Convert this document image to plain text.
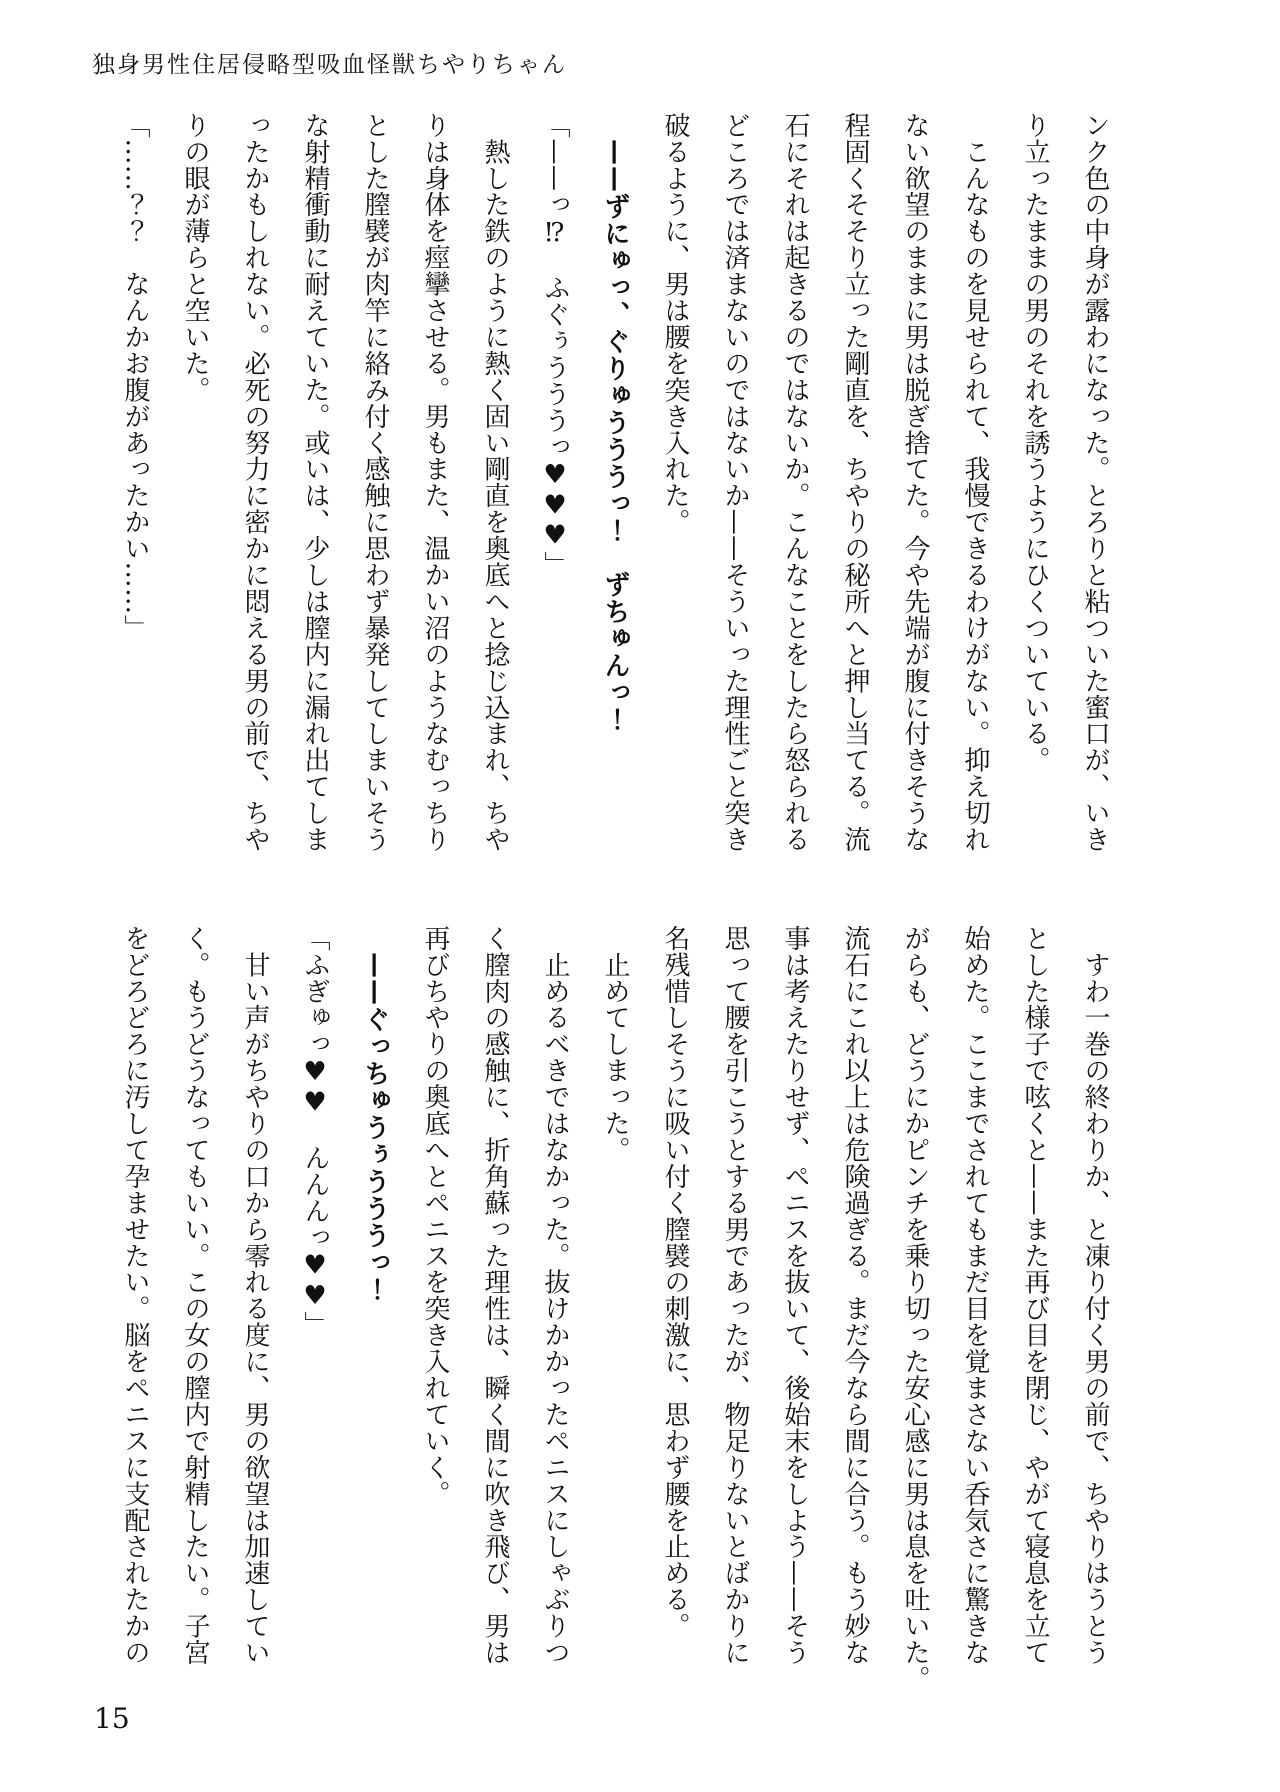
独身男性住居侵略型吸血怪獣ちやりちゃん

ンク色の中身が露わになった。とろりと粘ついた蜜口が、いき

り立ったままの男のそれを誘うようにひくついている。

　こんなものを見せられて、我慢できるわけがない。抑え切れ

ない欲望のままに男は脱ぎ捨てた。今や先端が腹に付きそうな

程固くそそり立った剛直を、ちやりの秘所へと押し当てる。流

石にそれは起きるのではないか。こんなことをしたら怒られる

どころでは済まないのではないか——そういった理性ごと突き

破るように、男は腰を突き入れた。

　——ずにゅっ、ぐりゅうううっ！　ずちゅんっ！

「——っ⁉　ふぐぅうううっ♥♥♥」

　熱した鉄のように熱く固い剛直を奥底へと捻じ込まれ、ちや

りは身体を痙攣させる。男もまた、温かい沼のようなむっちり

とした膣襞が肉竿に絡み付く感触に思わず暴発してしまいそう

な射精衝動に耐えていた。或いは、少しは膣内に漏れ出てしま

ったかもしれない。必死の努力に密かに悶える男の前で、ちや

りの眼が薄らと空いた。

「……？？　なんかお腹があったかい……」

　すわ一巻の終わりか、と凍り付く男の前で、ちやりはうとう

とした様子で呟くと——また再び目を閉じ、やがて寝息を立て

始めた。ここまでされてもまだ目を覚まさない呑気さに驚きな

がらも、どうにかピンチを乗り切った安心感に男は息を吐いた。

流石にこれ以上は危険過ぎる。まだ今なら間に合う。もう妙な

事は考えたりせず、ペニスを抜いて、後始末をしよう——そう

思って腰を引こうとする男であったが、物足りないとばかりに

名残惜しそうに吸い付く膣襞の刺激に、思わず腰を止める。

　止めてしまった。

　止めるべきではなかった。抜けかかったペニスにしゃぶりつ

く膣肉の感触に、折角蘇った理性は、瞬く間に吹き飛び、男は

再びちやりの奥底へとペニスを突き入れていく。

　——ぐっちゅうぅうううっ！

「ふぎゅっ♥♥　んんんっ♥♥」

　甘い声がちやりの口から零れる度に、男の欲望は加速してい

く。もうどうなってもいい。この女の膣内で射精したい。子宮

をどろどろに汚して孕ませたい。脳をペニスに支配されたかの

15
